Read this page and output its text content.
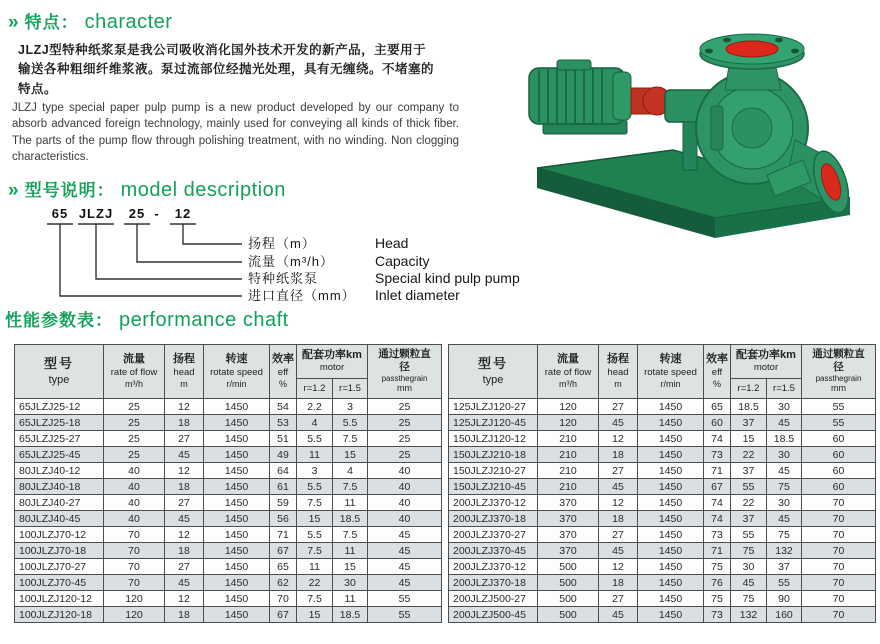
» 特点： character
JLZJ型特种纸浆泵是我公司吸收消化国外技术开发的新产品，主要用于输送各种粗细纤维浆液。泵过流部位经抛光处理，具有无缠绕。不堵塞的特点。
JLZJ type special paper pulp pump is a new product developed by our company to absorb advanced foreign technology, mainly used for conveying all kinds of thick fiber. The parts of the pump flow through polishing treatment, with no winding. Non clogging characteristics.
» 型号说明： model description
65 JLZJ 25 - 12
扬程（m）
流量（m³/h）
特种纸浆泵
进口直径（mm）
Head
Capacity
Special kind pulp pump
Inlet diameter
性能参数表： performance chaft
型号
type

流量
rate of flow
m³/h

扬程
head
m

转速
rotate speed
r/min

效率
eff
%

配套功率km
motor

通过颗粒直径
passthegrain
mm

					r=1.2	r=1.5	
65JLZJ25-12	25	12	1450	54	2.2	3	25
65JLZJ25-18	25	18	1450	53	4	5.5	25
65JLZJ25-27	25	27	1450	51	5.5	7.5	25
65JLZJ25-45	25	45	1450	49	11	15	25
80JLZJ40-12	40	12	1450	64	3	4	40
80JLZJ40-18	40	18	1450	61	5.5	7.5	40
80JLZJ40-27	40	27	1450	59	7.5	11	40
80JLZJ40-45	40	45	1450	56	15	18.5	40
100JLZJ70-12	70	12	1450	71	5.5	7.5	45
100JLZJ70-18	70	18	1450	67	7.5	11	45
100JLZJ70-27	70	27	1450	65	11	15	45
100JLZJ70-45	70	45	1450	62	22	30	45
100JLZJ120-12	120	12	1450	70	7.5	11	55
100JLZJ120-18	120	18	1450	67	15	18.5	55
型号
type

流量
rate of flow
m³/h

扬程
head
m

转速
rotate speed
r/min

效率
eff
%

配套功率km
motor

通过颗粒直径
passthegrain
mm

					r=1.2	r=1.5	
125JLZJ120-27	120	27	1450	65	18.5	30	55
125JLZJ120-45	120	45	1450	60	37	45	55
150JLZJ120-12	210	12	1450	74	15	18.5	60
150JLZJ210-18	210	18	1450	73	22	30	60
150JLZJ210-27	210	27	1450	71	37	45	60
150JLZJ210-45	210	45	1450	67	55	75	60
200JLZJ370-12	370	12	1450	74	22	30	70
200JLZJ370-18	370	18	1450	74	37	45	70
200JLZJ370-27	370	27	1450	73	55	75	70
200JLZJ370-45	370	45	1450	71	75	132	70
200JLZJ370-12	500	12	1450	75	30	37	70
200JLZJ370-18	500	18	1450	76	45	55	70
200JLZJ500-27	500	27	1450	75	75	90	70
200JLZJ500-45	500	45	1450	73	132	160	70
